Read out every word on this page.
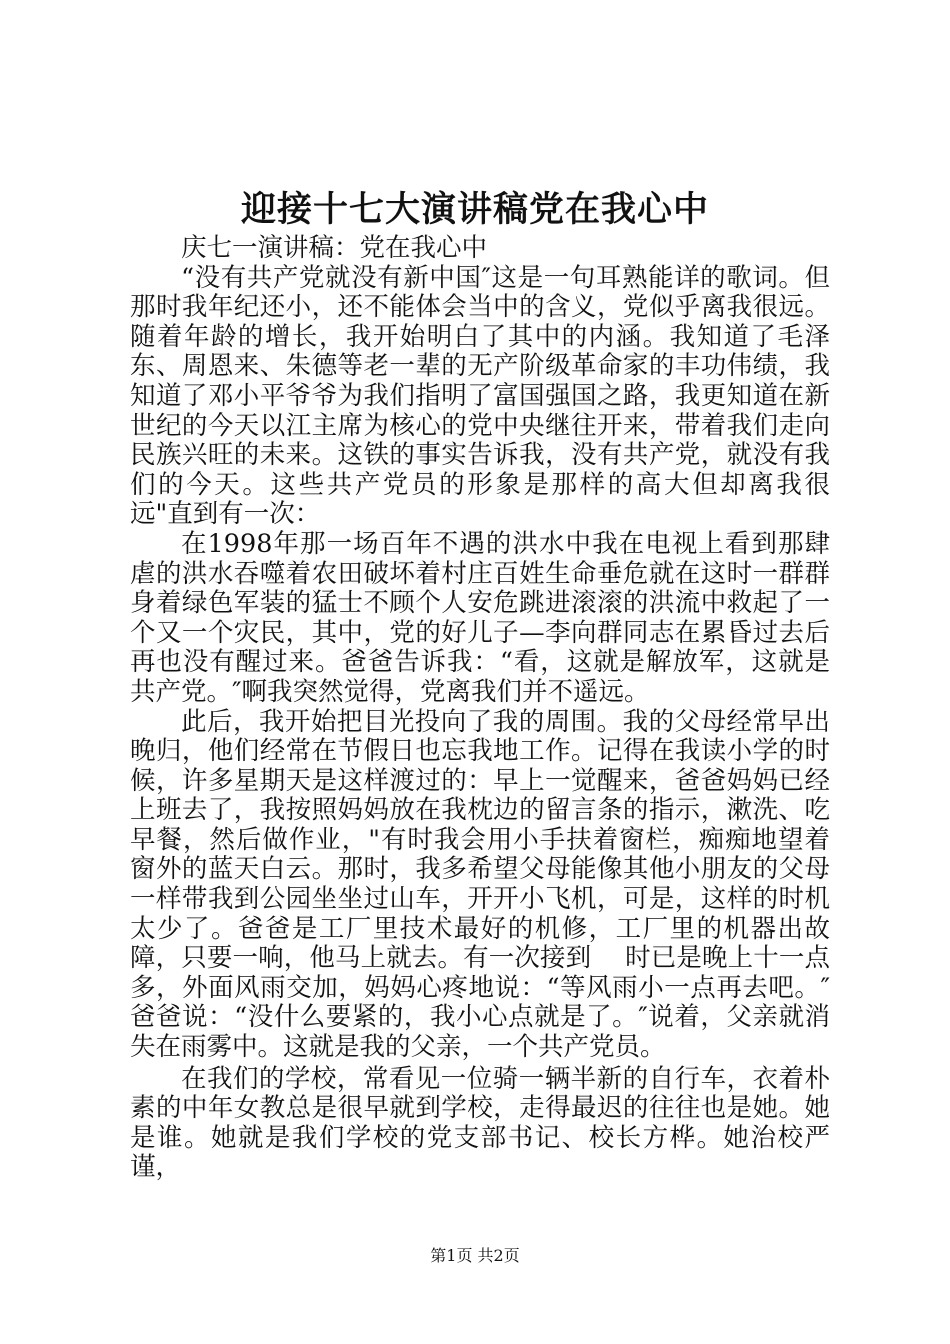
迎接十七大演讲稿党在我心中

庆七一演讲稿：党在我心中

“没有共产党就没有新中国″这是一句耳熟能详的歌词。但那时我年纪还小，还不能体会当中的含义，党似乎离我很远。随着年龄的增长，我开始明白了其中的内涵。我知道了毛泽东、周恩来、朱德等老一辈的无产阶级革命家的丰功伟绩，我知道了邓小平爷爷为我们指明了富国强国之路，我更知道在新世纪的今天以江主席为核心的党中央继往开来，带着我们走向民族兴旺的未来。这铁的事实告诉我，没有共产党，就没有我们的今天。这些共产党员的形象是那样的高大但却离我很远"直到有一次：

在1998年那一场百年不遇的洪水中我在电视上看到那肆虐的洪水吞噬着农田破坏着村庄百姓生命垂危就在这时一群群身着绿色军装的猛士不顾个人安危跳进滚滚的洪流中救起了一个又一个灾民，其中，党的好儿子—李向群同志在累昏过去后再也没有醒过来。爸爸告诉我：“看，这就是解放军，这就是共产党。″啊我突然觉得，党离我们并不遥远。

此后，我开始把目光投向了我的周围。我的父母经常早出晚归，他们经常在节假日也忘我地工作。记得在我读小学的时候，许多星期天是这样渡过的：早上一觉醒来，爸爸妈妈已经上班去了，我按照妈妈放在我枕边的留言条的指示，漱洗、吃早餐，然后做作业，"有时我会用小手扶着窗栏，痴痴地望着窗外的蓝天白云。那时，我多希望父母能像其他小朋友的父母一样带我到公园坐坐过山车，开开小飞机，可是，这样的时机太少了。爸爸是工厂里技术最好的机修，工厂里的机器出故障，只要一响，他马上就去。有一次接到　 时已是晚上十一点多，外面风雨交加，妈妈心疼地说：“等风雨小一点再去吧。″爸爸说：“没什么要紧的，我小心点就是了。″说着，父亲就消失在雨雾中。这就是我的父亲，一个共产党员。

在我们的学校，常看见一位骑一辆半新的自行车，衣着朴素的中年女教总是很早就到学校，走得最迟的往往也是她。她是谁。她就是我们学校的党支部书记、校长方桦。她治校严谨，

第1页 共2页
